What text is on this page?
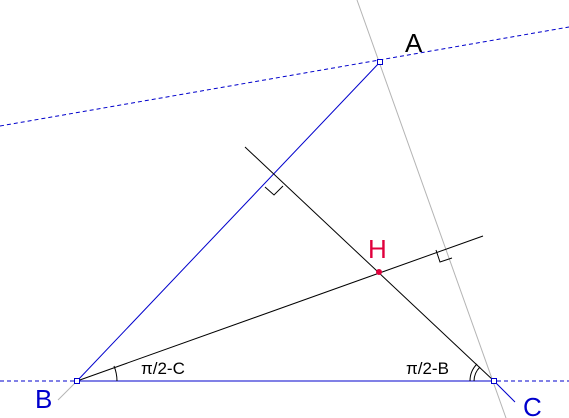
A
B	C
H
π/2-C	π/2-B
